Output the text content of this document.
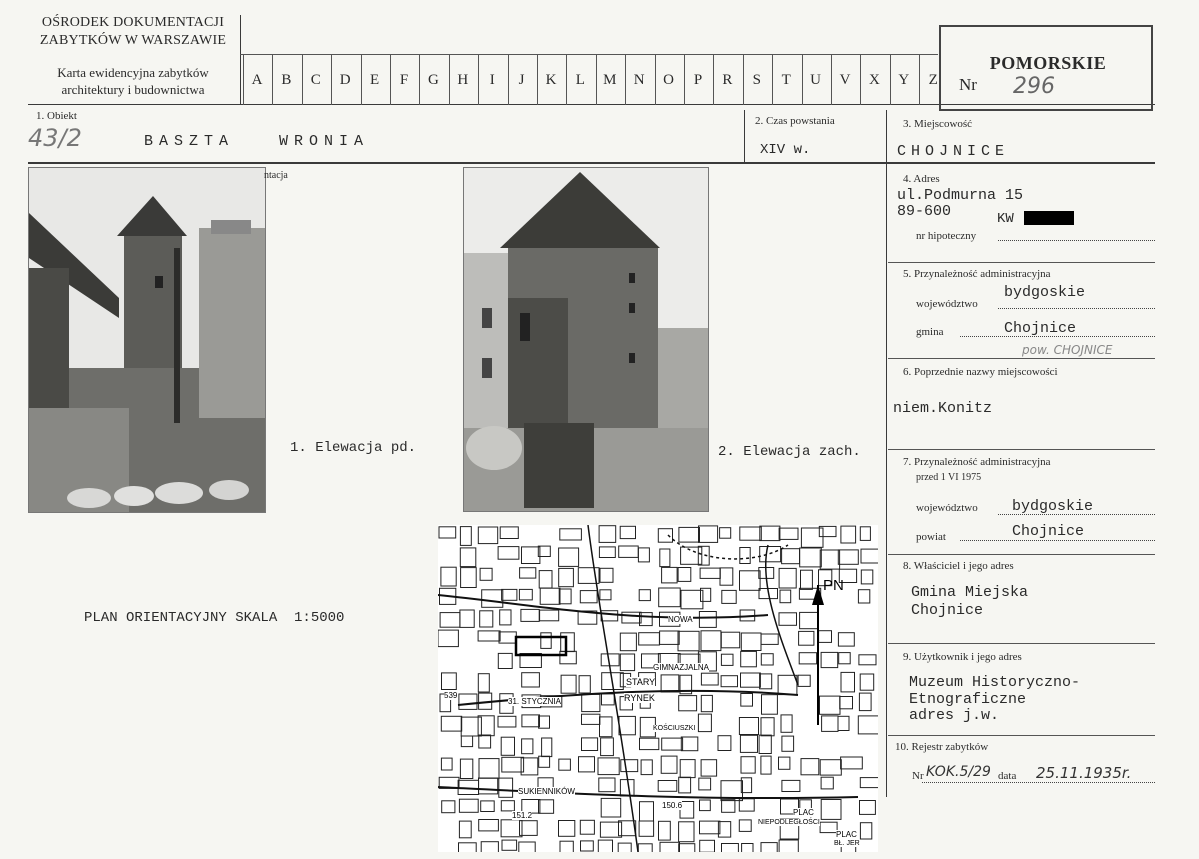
OŚRODEK DOKUMENTACJI
ZABYTKÓW W WARSZAWIE
Karta ewidencyjna zabytków
architektury i budownictwa
A	B	C	D	E	F	G	H	I	J	K	L	M	N	O	P	R	S	T	U	V	X	Y	Z
POMORSKIE
Nr 296
1. Obiekt
43/2	BASZTA   WRONIA
2. Czas powstania
XIV w.
3. Miejscowość
CHOJNICE
ntacja
1. Elewacja pd.	2. Elewacja zach.
PLAN ORIENTACYJNY SKALA  1:5000
PN
NOWA
GIMNAZJALNA
STARY
RYNEK
31. STYCZNIA
KOŚCIUSZKI
SUKIENNIKÓW
PLAC
NIEPODLEGŁOŚCI
PLAC
BŁ. JER
539
151.2
150.6
4. Adres
ul.Podmurna 15
89-600	KW
nr hipoteczny
5. Przynależność administracyjna
województwo
bydgoskie
gmina	Chojnice
pow. CHOJNICE
6. Poprzednie nazwy miejscowości
niem.Konitz
7. Przynależność administracyjna
przed 1 VI 1975
województwo bydgoskie
powiat	Chojnice
8. Właściciel i jego adres
Gmina Miejska
Chojnice
9. Użytkownik i jego adres
Muzeum Historyczno-
Etnograficzne
adres j.w.
10. Rejestr zabytków
Nr KOK.5/29 data 25.11.1935r.
